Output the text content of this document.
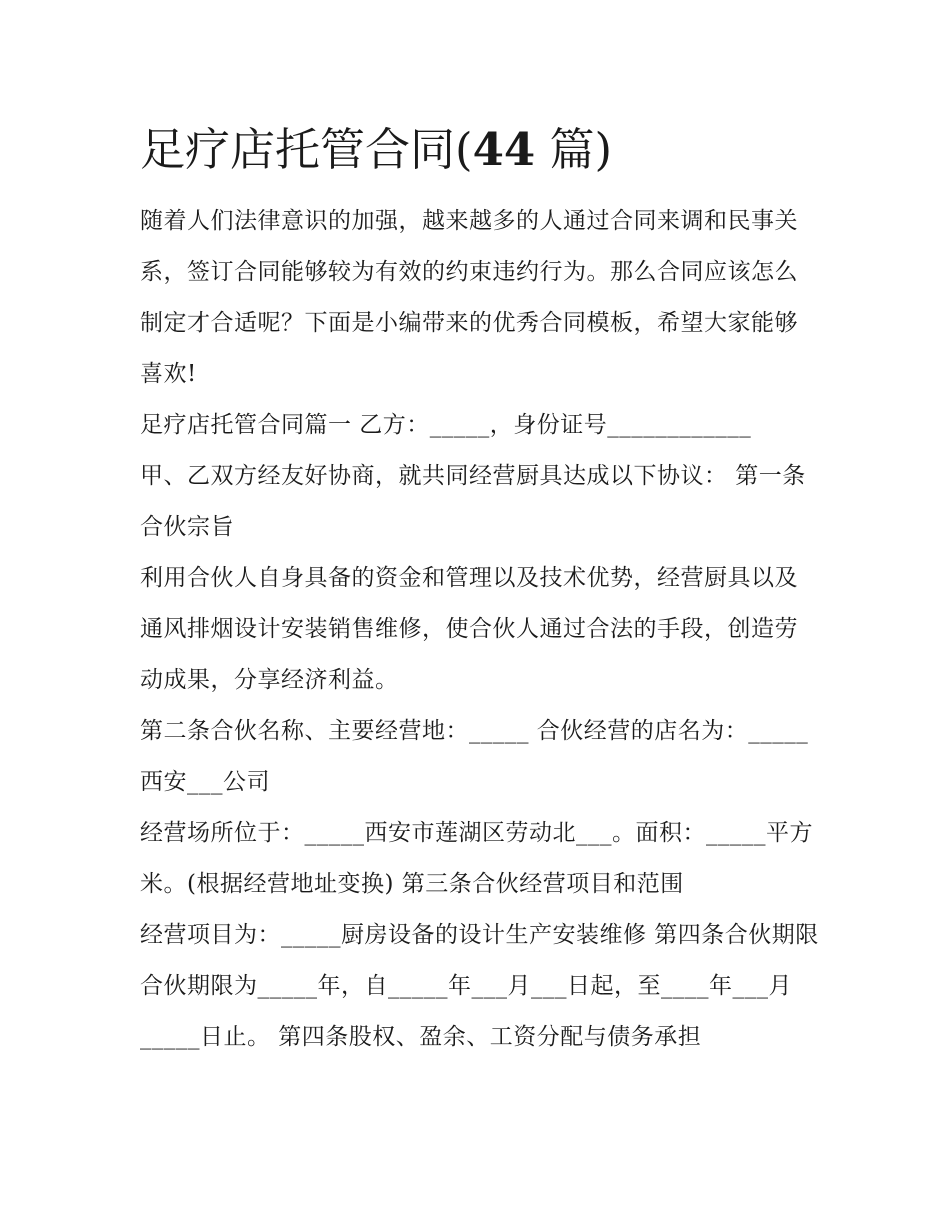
足疗店托管合同(44 篇)

随着人们法律意识的加强，越来越多的人通过合同来调和民事关系，签订合同能够较为有效的约束违约行为。那么合同应该怎么制定才合适呢？下面是小编带来的优秀合同模板，希望大家能够喜欢!

足疗店托管合同篇一 乙方：_____，身份证号____________

甲、乙双方经友好协商，就共同经营厨具达成以下协议： 第一条合伙宗旨

利用合伙人自身具备的资金和管理以及技术优势，经营厨具以及通风排烟设计安装销售维修，使合伙人通过合法的手段，创造劳动成果，分享经济利益。

第二条合伙名称、主要经营地：_____ 合伙经营的店名为：_____西安___公司

经营场所位于：_____西安市莲湖区劳动北___。面积：_____平方米。(根据经营地址变换) 第三条合伙经营项目和范围

经营项目为：_____厨房设备的设计生产安装维修 第四条合伙期限

合伙期限为_____年，自_____年___月___日起，至____年___月_____日止。 第四条股权、盈余、工资分配与债务承担
